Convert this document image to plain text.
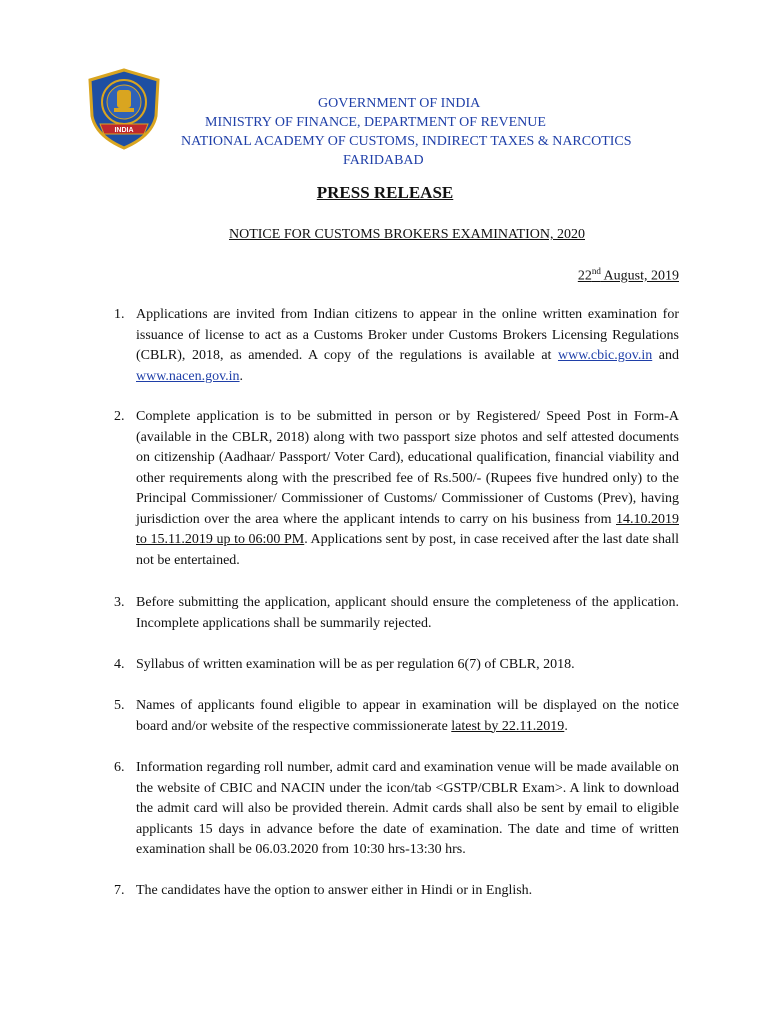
INDIA
GOVERNMENT OF INDIA
MINISTRY OF FINANCE, DEPARTMENT OF REVENUE
NATIONAL ACADEMY OF CUSTOMS, INDIRECT TAXES & NARCOTICS
FARIDABAD
PRESS RELEASE
NOTICE FOR CUSTOMS BROKERS EXAMINATION, 2020
22nd August, 2019
1. Applications are invited from Indian citizens to appear in the online written examination for issuance of license to act as a Customs Broker under Customs Brokers Licensing Regulations (CBLR), 2018, as amended. A copy of the regulations is available at www.cbic.gov.in and www.nacen.gov.in.
2. Complete application is to be submitted in person or by Registered/ Speed Post in Form-A (available in the CBLR, 2018) along with two passport size photos and self attested documents on citizenship (Aadhaar/ Passport/ Voter Card), educational qualification, financial viability and other requirements along with the prescribed fee of Rs.500/- (Rupees five hundred only) to the Principal Commissioner/ Commissioner of Customs/ Commissioner of Customs (Prev), having jurisdiction over the area where the applicant intends to carry on his business from 14.10.2019 to 15.11.2019 up to 06:00 PM. Applications sent by post, in case received after the last date shall not be entertained.
3. Before submitting the application, applicant should ensure the completeness of the application. Incomplete applications shall be summarily rejected.
4. Syllabus of written examination will be as per regulation 6(7) of CBLR, 2018.
5. Names of applicants found eligible to appear in examination will be displayed on the notice board and/or website of the respective commissionerate latest by 22.11.2019.
6. Information regarding roll number, admit card and examination venue will be made available on the website of CBIC and NACIN under the icon/tab <GSTP/CBLR Exam>. A link to download the admit card will also be provided therein. Admit cards shall also be sent by email to eligible applicants 15 days in advance before the date of examination. The date and time of written examination shall be 06.03.2020 from 10:30 hrs-13:30 hrs.
7. The candidates have the option to answer either in Hindi or in English.
